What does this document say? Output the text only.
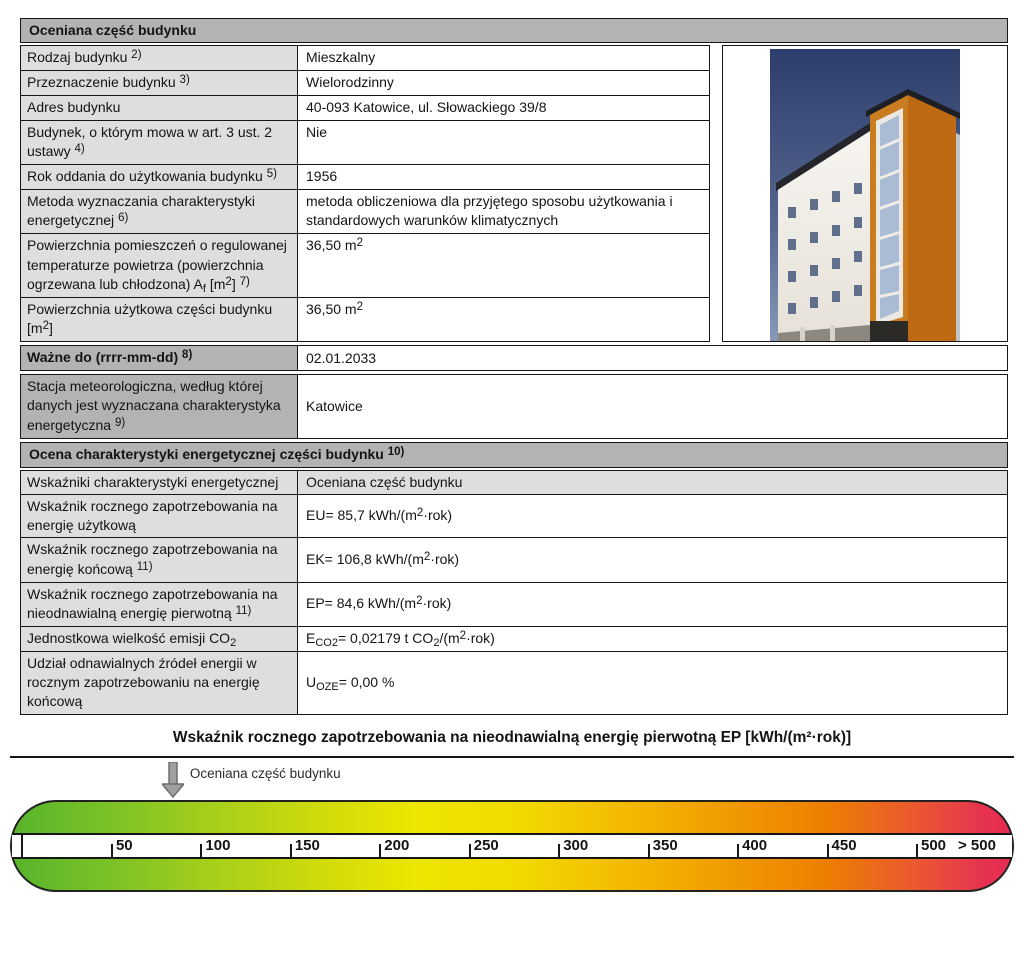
Oceniana część budynku
Rodzaj budynku $^{2)}$	Mieszkalny
Przeznaczenie budynku $^{3)}$	Wielorodzinny
Adres budynku	40-093 Katowice, ul. Słowackiego 39/8
Budynek, o którym mowa w art. 3 ust. 2 ustawy $^{4)}$	Nie
Rok oddania do użytkowania budynku $^{5)}$	1956
Metoda wyznaczania charakterystyki energetycznej $^{6)}$	metoda obliczeniowa dla przyjętego sposobu użytkowania i standardowych warunków klimatycznych
Powierzchnia pomieszczeń o regulowanej temperaturze powietrza (powierzchnia ogrzewana lub chłodzona) $A_f$ $[m^2]$ $^{7)}$	36,50 $m^2$
Powierzchnia użytkowa części budynku $[m^2]$	36,50 $m^2$
Ważne do (rrrr-mm-dd) $^{8)}$	02.01.2033
Stacja meteorologiczna, według której danych jest wyznaczana charakterystyka energetyczna $^{9)}$	Katowice
Ocena charakterystyki energetycznej części budynku $^{10)}$
Wskaźniki charakterystyki energetycznej	Oceniana część budynku
Wskaźnik rocznego zapotrzebowania na energię użytkową	EU= 85,7 kWh/$(m^2\cdot rok)$
Wskaźnik rocznego zapotrzebowania na energię końcową $^{11)}$	EK= 106,8 kWh/$(m^2\cdot rok)$
Wskaźnik rocznego zapotrzebowania na nieodnawialną energię pierwotną $^{11)}$	EP= 84,6 kWh/$(m^2\cdot rok)$
Jednostkowa wielkość emisji $CO_2$	$E_{CO2}= 0,02179$ t $CO_2/(m^2\cdot rok)$
Udział odnawialnych źródeł energii w rocznym zapotrzebowaniu na energię końcową	$U_{OZE}= 0,00$ %
Wskaźnik rocznego zapotrzebowania na nieodnawialną energię pierwotną EP [kWh/(m²·rok)]
Oceniana część budynku
> 500
50	100	150	200	250	300	350	400	450	500
